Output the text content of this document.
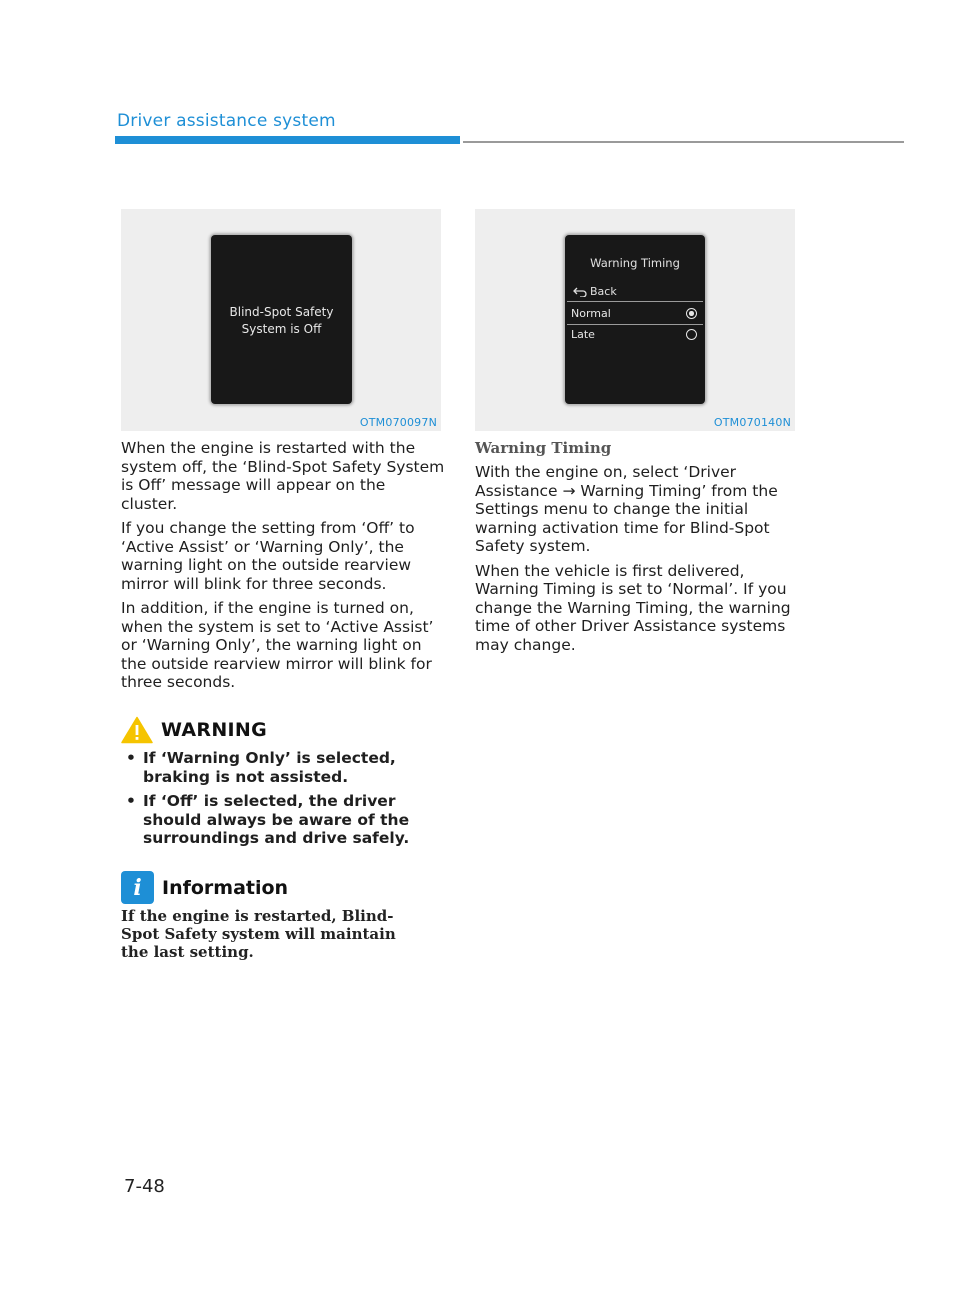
Driver assistance system
Blind-Spot Safety
System is Off
OTM070097N
Warning Timing
Back
Normal
Late
OTM070140N

When the engine is restarted with the system off, the ‘Blind-Spot Safety System is Off’ message will appear on the cluster.

If you change the setting from ‘Off’ to ‘Active Assist’ or ‘Warning Only’, the warning light on the outside rearview mirror will blink for three seconds.

In addition, if the engine is turned on, when the system is set to ‘Active Assist’ or ‘Warning Only’, the warning light on the outside rearview mirror will blink for three seconds.

WARNING
• If ‘Warning Only’ is selected, braking is not assisted.
• If ‘Off’ is selected, the driver should always be aware of the surroundings and drive safely.
i	Information
If the engine is restarted, Blind-Spot Safety system will maintain the last setting.
Warning Timing

With the engine on, select ‘Driver Assistance → Warning Timing’ from the Settings menu to change the initial warning activation time for Blind-Spot Safety system.

When the vehicle is first delivered, Warning Timing is set to ‘Normal’. If you change the Warning Timing, the warning time of other Driver Assistance systems may change.

7-48
